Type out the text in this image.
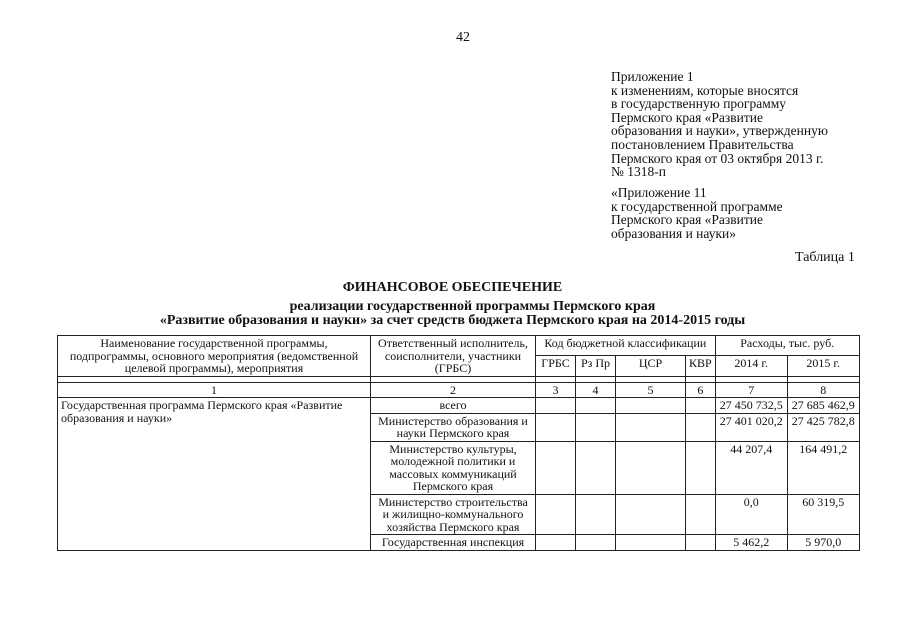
42
Приложение 1
к изменениям, которые вносятся
в государственную программу
Пермского края «Развитие
образования и науки», утвержденную
постановлением Правительства
Пермского края от 03 октября 2013 г.
№ 1318-п
«Приложение 11
к государственной программе
Пермского края «Развитие
образования и науки»
Таблица 1
ФИНАНСОВОЕ ОБЕСПЕЧЕНИЕ
реализации государственной программы Пермского края
«Развитие образования и науки» за счет средств бюджета Пермского края на 2014-2015 годы
Наименование государственной программы, подпрограммы, основного мероприятия (ведомственной целевой программы), мероприятия	Ответственный исполнитель, соисполнители, участники (ГРБС)	Код бюджетной классификации				Расходы, тыс. руб.	
		ГРБС	Рз Пр	ЦСР	КВР	2014 г.	2015 г.

1	2	3	4	5	6	7	8
Государственная программа Пермского края «Развитие образования и науки»	всего					27 450 732,5	27 685 462,9
	Министерство образования и науки Пермского края					27 401 020,2	27 425 782,8
	Министерство культуры, молодежной политики и массовых коммуникаций Пермского края					44 207,4	164 491,2
	Министерство строительства и жилищно-коммунального хозяйства Пермского края					0,0	60 319,5
	Государственная инспекция					5 462,2	5 970,0
